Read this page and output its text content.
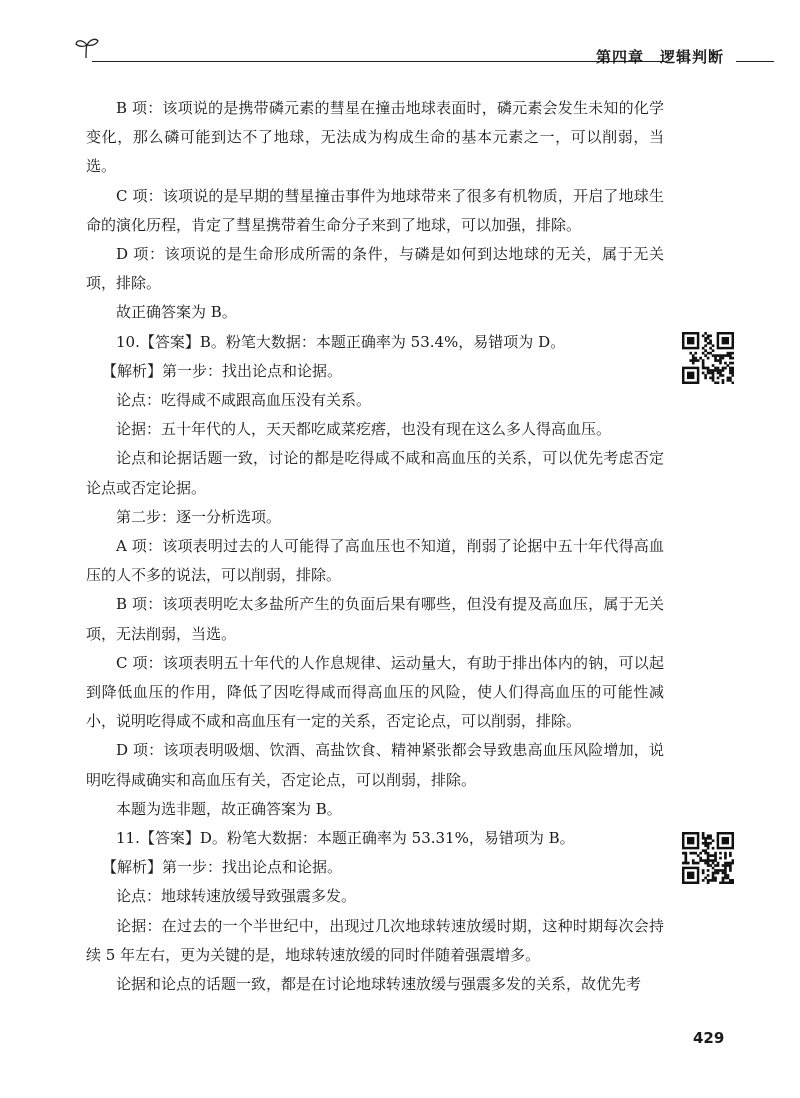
第四章 逻辑判断

B 项：该项说的是携带磷元素的彗星在撞击地球表面时，磷元素会发生未知的化学变化，那么磷可能到达不了地球，无法成为构成生命的基本元素之一，可以削弱，当选。

C 项：该项说的是早期的彗星撞击事件为地球带来了很多有机物质，开启了地球生命的演化历程，肯定了彗星携带着生命分子来到了地球，可以加强，排除。

D 项：该项说的是生命形成所需的条件，与磷是如何到达地球的无关，属于无关项，排除。

故正确答案为 B。

10.【答案】B。粉笔大数据：本题正确率为 53.4%，易错项为 D。

【解析】第一步：找出论点和论据。

论点：吃得咸不咸跟高血压没有关系。

论据：五十年代的人，天天都吃咸菜疙瘩，也没有现在这么多人得高血压。

论点和论据话题一致，讨论的都是吃得咸不咸和高血压的关系，可以优先考虑否定论点或否定论据。

第二步：逐一分析选项。

A 项：该项表明过去的人可能得了高血压也不知道，削弱了论据中五十年代得高血压的人不多的说法，可以削弱，排除。

B 项：该项表明吃太多盐所产生的负面后果有哪些，但没有提及高血压，属于无关项，无法削弱，当选。

C 项：该项表明五十年代的人作息规律、运动量大，有助于排出体内的钠，可以起到降低血压的作用，降低了因吃得咸而得高血压的风险，使人们得高血压的可能性减小，说明吃得咸不咸和高血压有一定的关系，否定论点，可以削弱，排除。

D 项：该项表明吸烟、饮酒、高盐饮食、精神紧张都会导致患高血压风险增加，说明吃得咸确实和高血压有关，否定论点，可以削弱，排除。

本题为选非题，故正确答案为 B。

11.【答案】D。粉笔大数据：本题正确率为 53.31%，易错项为 B。

【解析】第一步：找出论点和论据。

论点：地球转速放缓导致强震多发。

论据：在过去的一个半世纪中，出现过几次地球转速放缓时期，这种时期每次会持续 5 年左右，更为关键的是，地球转速放缓的同时伴随着强震增多。

论据和论点的话题一致，都是在讨论地球转速放缓与强震多发的关系，故优先考

429
